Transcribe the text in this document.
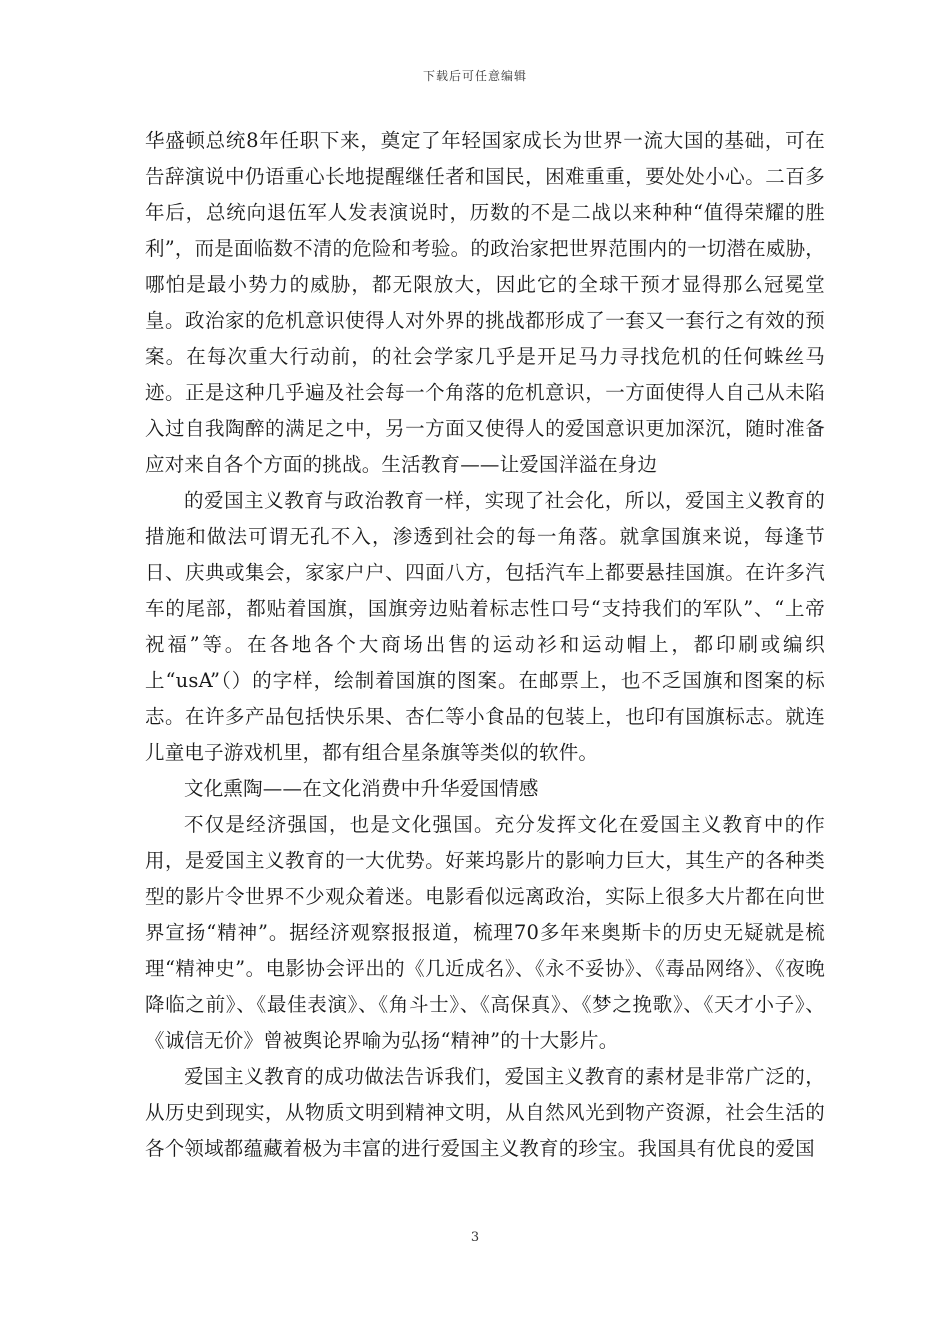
下载后可任意编辑

华盛顿总统8年任职下来，奠定了年轻国家成长为世界一流大国的基础，可在告辞演说中仍语重心长地提醒继任者和国民，困难重重，要处处小心。二百多年后，总统向退伍军人发表演说时，历数的不是二战以来种种“值得荣耀的胜利”，而是面临数不清的危险和考验。的政治家把世界范围内的一切潜在威胁，哪怕是最小势力的威胁，都无限放大，因此它的全球干预才显得那么冠冕堂皇。政治家的危机意识使得人对外界的挑战都形成了一套又一套行之有效的预案。在每次重大行动前，的社会学家几乎是开足马力寻找危机的任何蛛丝马迹。正是这种几乎遍及社会每一个角落的危机意识，一方面使得人自己从未陷入过自我陶醉的满足之中，另一方面又使得人的爱国意识更加深沉，随时准备应对来自各个方面的挑战。生活教育——让爱国洋溢在身边

的爱国主义教育与政治教育一样，实现了社会化，所以，爱国主义教育的措施和做法可谓无孔不入，渗透到社会的每一角落。就拿国旗来说，每逢节日、庆典或集会，家家户户、四面八方，包括汽车上都要悬挂国旗。在许多汽车的尾部，都贴着国旗，国旗旁边贴着标志性口号“支持我们的军队”、“上帝祝福”等。在各地各个大商场出售的运动衫和运动帽上，都印刷或编织上“usA”（）的字样，绘制着国旗的图案。在邮票上，也不乏国旗和图案的标志。在许多产品包括快乐果、杏仁等小食品的包装上，也印有国旗标志。就连儿童电子游戏机里，都有组合星条旗等类似的软件。

文化熏陶——在文化消费中升华爱国情感

不仅是经济强国，也是文化强国。充分发挥文化在爱国主义教育中的作用，是爱国主义教育的一大优势。好莱坞影片的影响力巨大，其生产的各种类型的影片令世界不少观众着迷。电影看似远离政治，实际上很多大片都在向世界宣扬“精神”。据经济观察报报道，梳理70多年来奥斯卡的历史无疑就是梳理“精神史”。电影协会评出的《几近成名》、《永不妥协》、《毒品网络》、《夜晚降临之前》、《最佳表演》、《角斗士》、《高保真》、《梦之挽歌》、《天才小子》、《诚信无价》曾被舆论界喻为弘扬“精神”的十大影片。

爱国主义教育的成功做法告诉我们，爱国主义教育的素材是非常广泛的，从历史到现实，从物质文明到精神文明，从自然风光到物产资源，社会生活的各个领域都蕴藏着极为丰富的进行爱国主义教育的珍宝。我国具有优良的爱国

3
